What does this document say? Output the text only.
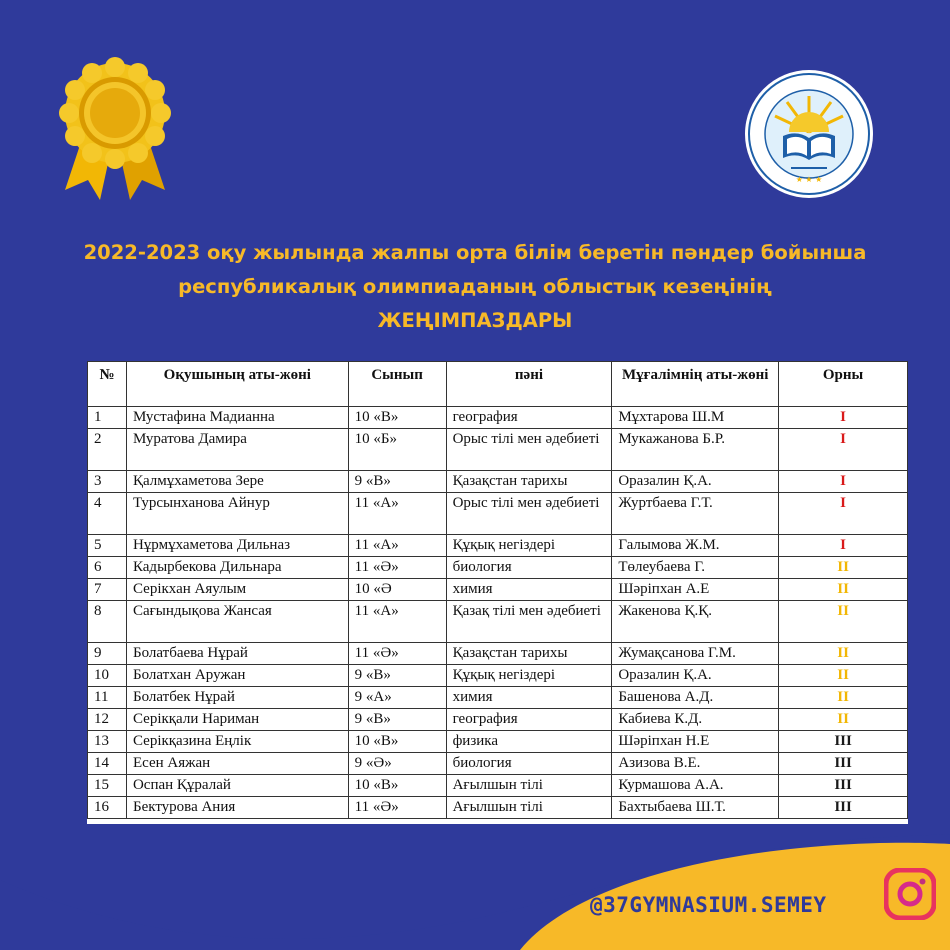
★ ★ ★
2022-2023 оқу жылында жалпы орта білім беретін пәндер бойынша
республикалық олимпиаданың облыстық кезеңінің
ЖЕҢІМПАЗДАРЫ
№	Оқушының аты-жөні	Сынып	пәні	Мұғалімнің аты-жөні	Орны
1	Мустафина Мадианна	10 «В»	география	Мұхтарова Ш.М	I
2	Муратова Дамира	10 «Б»	Орыс тілі мен әдебиеті	Мукажанова Б.Р.	I
3	Қалмұхаметова Зере	9 «В»	Қазақстан тарихы	Оразалин Қ.А.	I
4	Турсынханова Айнур	11 «А»	Орыс тілі мен әдебиеті	Журтбаева Г.Т.	I
5	Нұрмұхаметова Дильназ	11 «А»	Құқық негіздері	Галымова Ж.М.	I
6	Кадырбекова Дильнара	11 «Ә»	биология	Төлеубаева Г.	II
7	Серікхан Аяулым	10 «Ә	химия	Шәріпхан А.Е	II
8	Сағындықова Жансая	11 «А»	Қазақ тілі мен әдебиеті	Жакенова Қ.Қ.	II
9	Болатбаева Нұрай	11 «Ә»	Қазақстан тарихы	Жумақсанова Г.М.	II
10	Болатхан Аружан	9 «В»	Құқық негіздері	Оразалин Қ.А.	II
11	Болатбек Нұрай	9 «А»	химия	Башенова А.Д.	II
12	Серікқали Нариман	9 «В»	география	Кабиева К.Д.	II
13	Серікқазина Еңлік	10 «В»	физика	Шәріпхан Н.Е	III
14	Есен Аяжан	9 «Ә»	биология	Азизова В.Е.	III
15	Оспан Құралай	10 «В»	Ағылшын тілі	Курмашова А.А.	III
16	Бектурова Ания	11 «Ә»	Ағылшын тілі	Бахтыбаева Ш.Т.	III
@37GYMNASIUM.SEMEY
